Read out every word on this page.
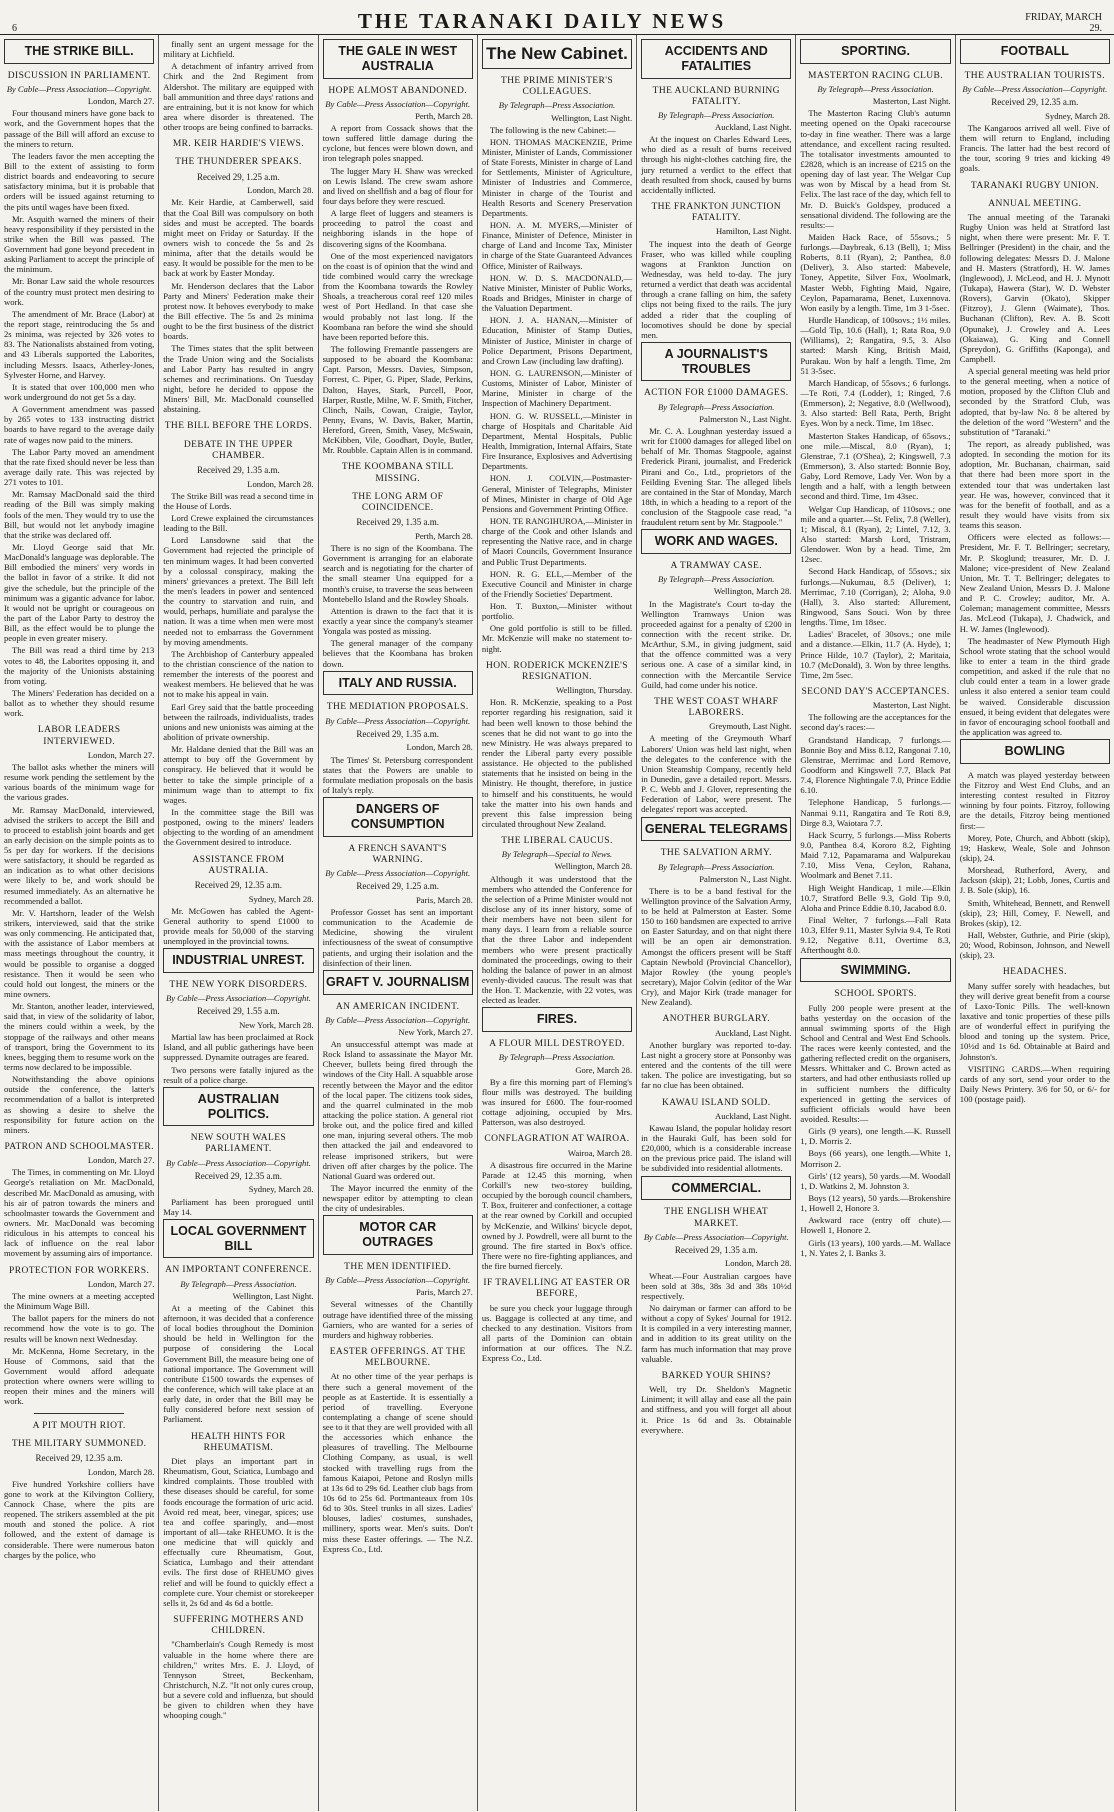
6	THE TARANAKI DAILY NEWS	FRIDAY, MARCH 29.
THE STRIKE BILL.
DISCUSSION IN PARLIAMENT.
By Cable—Press Association—Copyright.
London, March 27.

Four thousand miners have gone back to work, and the Government hopes that the passage of the Bill will afford an excuse to the miners to return.

The leaders favor the men accepting the Bill to the extent of assisting to form district boards and endeavoring to secure satisfactory minima, but it is probable that orders will be issued against returning to the pits until wages have been fixed.

Mr. Asquith warned the miners of their heavy responsibility if they persisted in the strike when the Bill was passed. The Government had gone beyond precedent in asking Parliament to accept the principle of the minimum.

Mr. Bonar Law said the whole resources of the country must protect men desiring to work.

The amendment of Mr. Brace (Labor) at the report stage, reintroducing the 5s and 2s minima, was rejected by 326 votes to 83. The Nationalists abstained from voting, and 43 Liberals supported the Laborites, including Messrs. Isaacs, Atherley-Jones, Sylvester Horne, and Harvey.

It is stated that over 100,000 men who work underground do not get 5s a day.

A Government amendment was passed by 265 votes to 133 instructing district boards to have regard to the average daily rate of wages now paid to the miners.

The Labor Party moved an amendment that the rate fixed should never be less than average daily rate. This was rejected by 271 votes to 101.

Mr. Ramsay MacDonald said the third reading of the Bill was simply making fools of the men. They would try to use the Bill, but would not let anybody imagine that the strike was declared off.

Mr. Lloyd George said that Mr. MacDonald's language was deplorable. The Bill embodied the miners' very words in the ballot in favor of a strike. It did not give the schedule, but the principle of the minimum was a gigantic advance for labor. It would not be upright or courageous on the part of the Labor Party to destroy the Bill, as the effect would be to plunge the people in even greater misery.

The Bill was read a third time by 213 votes to 48, the Laborites opposing it, and the majority of the Unionists abstaining from voting.

The Miners' Federation has decided on a ballot as to whether they should resume work.

LABOR LEADERS INTERVIEWED.
London, March 27.

The ballot asks whether the miners will resume work pending the settlement by the various boards of the minimum wage for the various grades.

Mr. Ramsay MacDonald, interviewed, advised the strikers to accept the Bill and to proceed to establish joint boards and get an early decision on the simple points as to 5s per day for workers. If the decisions were satisfactory, it should be regarded as an indication as to what other decisions were likely to be, and work should be resumed immediately. As an alternative he recommended a ballot.

Mr. V. Hartshorn, leader of the Welsh strikers, interviewed, said that the strike was only commencing. He anticipated that, with the assistance of Labor members at mass meetings throughout the country, it would be possible to organise a dogged resistance. Then it would be seen who could hold out longest, the miners or the mine owners.

Mr. Stanton, another leader, interviewed, said that, in view of the solidarity of labor, the miners could within a week, by the stoppage of the railways and other means of transport, bring the Government to its knees, begging them to resume work on the terms now declared to be impossible.

Notwithstanding the above opinions outside the conference, the latter's recommendation of a ballot is interpreted as showing a desire to shelve the responsibility for future action on the miners.

PATRON AND SCHOOLMASTER.
London, March 27.

The Times, in commenting on Mr. Lloyd George's retaliation on Mr. MacDonald, described Mr. MacDonald as amusing, with his air of patron towards the miners and schoolmaster towards the Government and owners. Mr. MacDonald was becoming ridiculous in his attempts to conceal his lack of influence on the real labor movement by assuming airs of importance.

PROTECTION FOR WORKERS.
London, March 27.

The mine owners at a meeting accepted the Minimum Wage Bill.

The ballot papers for the miners do not recommend how the vote is to go. The results will be known next Wednesday.

Mr. McKenna, Home Secretary, in the House of Commons, said that the Government would afford adequate protection where owners were willing to reopen their mines and the miners will work.

A PIT MOUTH RIOT.
THE MILITARY SUMMONED.
Received 29, 12.35 a.m.
London, March 28.

Five hundred Yorkshire colliers have gone to work at the Kilvington Colliery, Cannock Chase, where the pits are reopened. The strikers assembled at the pit mouth and stoned the police. A riot followed, and the extent of damage is considerable. There were numerous baton charges by the police, who

finally sent an urgent message for the military at Lichfield.

A detachment of infantry arrived from Chirk and the 2nd Regiment from Aldershot. The military are equipped with ball ammunition and three days' rations and are entraining, but it is not know for which area where disorder is threatened. The other troops are being confined to barracks.

MR. KEIR HARDIE'S VIEWS.
THE THUNDERER SPEAKS.
Received 29, 1.25 a.m.
London, March 28.

Mr. Keir Hardie, at Camberwell, said that the Coal Bill was compulsory on both sides and must be accepted. The boards might meet on Friday or Saturday. If the owners wish to concede the 5s and 2s minima, after that the details would be easy. It would be possible for the men to be back at work by Easter Monday.

Mr. Henderson declares that the Labor Party and Miners' Federation make their protest now. It behoves everybody to make the Bill effective. The 5s and 2s minima ought to be the first business of the district boards.

The Times states that the split between the Trade Union wing and the Socialists and Labor Party has resulted in angry schemes and recriminations. On Tuesday night, before he decided to oppose the Miners' Bill, Mr. MacDonald counselled abstaining.

THE BILL BEFORE THE LORDS.
DEBATE IN THE UPPER CHAMBER.
Received 29, 1.35 a.m.
London, March 28.

The Strike Bill was read a second time in the House of Lords.

Lord Crewe explained the circumstances leading to the Bill.

Lord Lansdowne said that the Government had rejected the principle of ten minimum wages. It had been converted by a colossal conspiracy, making the miners' grievances a pretext. The Bill left the men's leaders in power and sentenced the country to starvation and ruin, and would, perhaps, humiliate and paralyse the nation. It was a time when men were most needed not to embarrass the Government by moving amendments.

The Archbishop of Canterbury appealed to the christian conscience of the nation to remember the interests of the poorest and weakest members. He believed that he was not to make his appeal in vain.

Earl Grey said that the battle proceeding between the railroads, individualists, trades unions and new unionists was aiming at the abolition of private ownership.

Mr. Haldane denied that the Bill was an attempt to buy off the Government by conspiracy. He believed that it would be better to take the simple principle of a minimum wage than to attempt to fix wages.

In the committee stage the Bill was postponed, owing to the miners' leaders objecting to the wording of an amendment the Government desired to introduce.

ASSISTANCE FROM AUSTRALIA.
Received 29, 12.35 a.m.
Sydney, March 28.

Mr. McGowen has cabled the Agent-General authority to spend £1000 to provide meals for 50,000 of the starving unemployed in the provincial towns.

INDUSTRIAL UNREST.
THE NEW YORK DISORDERS.
By Cable—Press Association—Copyright.
Received 29, 1.55 a.m.
New York, March 28.

Martial law has been proclaimed at Rock Island, and all public gatherings have been suppressed. Dynamite outrages are feared.

Two persons were fatally injured as the result of a police charge.

AUSTRALIAN POLITICS.
NEW SOUTH WALES PARLIAMENT.
By Cable—Press Association—Copyright.
Received 29, 12.35 a.m.
Sydney, March 28.

Parliament has been prorogued until May 14.

LOCAL GOVERNMENT BILL
AN IMPORTANT CONFERENCE.
By Telegraph—Press Association.
Wellington, Last Night.

At a meeting of the Cabinet this afternoon, it was decided that a conference of local bodies throughout the Dominion should be held in Wellington for the purpose of considering the Local Government Bill, the measure being one of national importance. The Government will contribute £1500 towards the expenses of the conference, which will take place at an early date, in order that the Bill may be fully considered before next session of Parliament.

HEALTH HINTS FOR RHEUMATISM.

Diet plays an important part in Rheumatism, Gout, Sciatica, Lumbago and kindred complaints. Those troubled with these diseases should be careful, for some foods encourage the formation of uric acid. Avoid red meat, beer, vinegar, spices; use tea and coffee sparingly, and—most important of all—take RHEUMO. It is the one medicine that will quickly and effectually cure Rheumatism, Gout, Sciatica, Lumbago and their attendant evils. The first dose of RHEUMO gives relief and will be found to quickly effect a complete cure. Your chemist or storekeeper sells it, 2s 6d and 4s 6d a bottle.

SUFFERING MOTHERS AND CHILDREN.

"Chamberlain's Cough Remedy is most valuable in the home where there are children," writes Mrs. E. J. Lloyd, of Tennyson Street, Beckenham, Christchurch, N.Z. "It not only cures croup, but a severe cold and influenza, but should be given to children when they have whooping cough."

THE GALE IN WEST AUSTRALIA
HOPE ALMOST ABANDONED.
By Cable—Press Association—Copyright.
Perth, March 28.

A report from Cossack shows that the town suffered little damage during the cyclone, but fences were blown down, and iron telegraph poles snapped.

The lugger Mary H. Shaw was wrecked on Lewis Island. The crew swam ashore and lived on shellfish and a bag of flour for four days before they were rescued.

A large fleet of luggers and steamers is proceeding to patrol the coast and neighboring islands in the hope of discovering signs of the Koombana.

One of the most experienced navigators on the coast is of opinion that the wind and tide combined would carry the wreckage from the Koombana towards the Rowley Shoals, a treacherous coral reef 120 miles west of Port Hedland. In that case she would probably not last long. If the Koombana ran before the wind she should have been reported before this.

The following Fremantle passengers are supposed to be aboard the Koombana: Capt. Parson, Messrs. Davies, Simpson, Forrest, C. Piper, G. Piper, Slade, Perkins, Dalton, Hayes, Stark, Purcell, Poor, Harper, Rustle, Milne, W. F. Smith, Fitcher, Clinch, Nails, Cowan, Craigie, Taylor, Penny, Evans, W. Davis, Baker, Martin, Hereford, Green, Smith, Vasey, McSwain, McKibben, Vile, Goodhart, Doyle, Butler, Mr. Roubble. Captain Allen is in command.

THE KOOMBANA STILL MISSING.
THE LONG ARM OF COINCIDENCE.
Received 29, 1.35 a.m.
Perth, March 28.

There is no sign of the Koombana. The Government is arranging for an elaborate search and is negotiating for the charter of the small steamer Una equipped for a month's cruise, to traverse the seas between Montebello Island and the Rowley Shoals.

Attention is drawn to the fact that it is exactly a year since the company's steamer Yongala was posted as missing.

The general manager of the company believes that the Koombana has broken down.

ITALY AND RUSSIA.
THE MEDIATION PROPOSALS.
By Cable—Press Association—Copyright.
Received 29, 1.35 a.m.
London, March 28.

The Times' St. Petersburg correspondent states that the Powers are unable to formulate mediation proposals on the basis of Italy's reply.

DANGERS OF CONSUMPTION
A FRENCH SAVANT'S WARNING.
By Cable—Press Association—Copyright.
Received 29, 1.25 a.m.
Paris, March 28.

Professor Gosset has sent an important communication to the Academie de Medicine, showing the virulent infectiousness of the sweat of consumptive patients, and urging their isolation and the disinfection of their linen.

GRAFT V. JOURNALISM
AN AMERICAN INCIDENT.
By Cable—Press Association—Copyright.
New York, March 27.

An unsuccessful attempt was made at Rock Island to assassinate the Mayor Mr. Cheever, bullets being fired through the windows of the City Hall. A squabble arose recently between the Mayor and the editor of the local paper. The citizens took sides, and the quarrel culminated in the mob attacking the police station. A general riot broke out, and the police fired and killed one man, injuring several others. The mob then attacked the jail and endeavored to release imprisoned strikers, but were driven off after charges by the police. The National Guard was ordered out.

The Mayor incurred the enmity of the newspaper editor by attempting to clean the city of undesirables.

MOTOR CAR OUTRAGES
THE MEN IDENTIFIED.
By Cable—Press Association—Copyright.
Paris, March 27.

Several witnesses of the Chantilly outrage have identified three of the missing Garniers, who are wanted for a series of murders and highway robberies.

EASTER OFFERINGS. AT THE MELBOURNE.

At no other time of the year perhaps is there such a general movement of the people as at Eastertide. It is essentially a period of travelling. Everyone contemplating a change of scene should see to it that they are well provided with all the accessories which enhance the pleasures of travelling. The Melbourne Clothing Company, as usual, is well stocked with travelling rugs from the famous Kaiapoi, Petone and Roslyn mills at 13s 6d to 29s 6d. Leather club bags from 10s 6d to 25s 6d. Portmanteaux from 10s 6d to 30s. Steel trunks in all sizes. Ladies' blouses, ladies' costumes, sunshades, millinery, sports wear. Men's suits. Don't miss these Easter offerings. — The N.Z. Express Co., Ltd.

The New Cabinet.
THE PRIME MINISTER'S COLLEAGUES.
By Telegraph—Press Association.
Wellington, Last Night.

The following is the new Cabinet:—

HON. THOMAS MACKENZIE, Prime Minister, Minister of Lands, Commissioner of State Forests, Minister in charge of Land for Settlements, Minister of Agriculture, Minister of Industries and Commerce, Minister in charge of the Tourist and Health Resorts and Scenery Preservation Departments.

HON. A. M. MYERS,—Minister of Finance, Minister of Defence, Minister in charge of Land and Income Tax, Minister in charge of the State Guaranteed Advances Office, Minister of Railways.

HON. W. D. S. MACDONALD,—Native Minister, Minister of Public Works, Roads and Bridges, Minister in charge of the Valuation Department.

HON. J. A. HANAN,—Minister of Education, Minister of Stamp Duties, Minister of Justice, Minister in charge of Police Department, Prisons Department, and Crown Law (including law drafting).

HON. G. LAURENSON,—Minister of Customs, Minister of Labor, Minister of Marine, Minister in charge of the Inspection of Machinery Department.

HON. G. W. RUSSELL,—Minister in charge of Hospitals and Charitable Aid Department, Mental Hospitals, Public Health, Immigration, Internal Affairs, State Fire Insurance, Explosives and Advertising Departments.

HON. J. COLVIN,—Postmaster-General, Minister of Telegraphs, Minister of Mines, Minister in charge of Old Age Pensions and Government Printing Office.

HON. TE RANGIHUROA,—Minister in charge of the Cook and other Islands and representing the Native race, and in charge of Maori Councils, Government Insurance and Public Trust Departments.

HON. R. G. ELL,—Member of the Executive Council and Minister in charge of the Friendly Societies' Department.

Hon. T. Buxton,—Minister without portfolio.

One gold portfolio is still to be filled. Mr. McKenzie will make no statement to-night.

HON. RODERICK MCKENZIE'S RESIGNATION.
Wellington, Thursday.

Hon. R. McKenzie, speaking to a Post reporter regarding his resignation, said it had been well known to those behind the scenes that he did not want to go into the new Ministry. He was always prepared to render the Liberal party every possible assistance. He objected to the published statements that he insisted on being in the Ministry. He thought, therefore, in justice to himself and his constituents, he would take the matter into his own hands and prevent this false impression being circulated throughout New Zealand.

THE LIBERAL CAUCUS.
By Telegraph—Special to News.
Wellington, March 28.

Although it was understood that the members who attended the Conference for the selection of a Prime Minister would not disclose any of its inner history, some of their members have not been silent for many days. I learn from a reliable source that the three Labor and independent members who were present practically dominated the proceedings, owing to their holding the balance of power in an almost evenly-divided caucus. The result was that the Hon. T. Mackenzie, with 22 votes, was elected as leader.

FIRES.
A FLOUR MILL DESTROYED.
By Telegraph—Press Association.
Gore, March 28.

By a fire this morning part of Fleming's flour mills was destroyed. The building was insured for £600. The four-roomed cottage adjoining, occupied by Mrs. Patterson, was also destroyed.

CONFLAGRATION AT WAIROA.
Wairoa, March 28.

A disastrous fire occurred in the Marine Parade at 12.45 this morning, when Corkill's new two-storey building, occupied by the borough council chambers, T. Box, fruiterer and confectioner, a cottage at the rear owned by Corkill and occupied by McKenzie, and Wilkins' bicycle depot, owned by J. Powdrell, were all burnt to the ground. The fire started in Box's office. There were no fire-fighting appliances, and the fire burned fiercely.

IF TRAVELLING AT EASTER OR BEFORE,

be sure you check your luggage through us. Baggage is collected at any time, and checked to any destination. Visitors from all parts of the Dominion can obtain information at our offices. The N.Z. Express Co., Ltd.

ACCIDENTS AND FATALITIES
THE AUCKLAND BURNING FATALITY.
By Telegraph—Press Association.
Auckland, Last Night.

At the inquest on Charles Edward Lees, who died as a result of burns received through his night-clothes catching fire, the jury returned a verdict to the effect that death resulted from shock, caused by burns accidentally inflicted.

THE FRANKTON JUNCTION FATALITY.
Hamilton, Last Night.

The inquest into the death of George Fraser, who was killed while coupling wagons at Frankton Junction on Wednesday, was held to-day. The jury returned a verdict that death was accidental through a crane falling on him, the safety clips not being fixed to the rails. The jury added a rider that the coupling of locomotives should be done by special men.

A JOURNALIST'S TROUBLES
ACTION FOR £1000 DAMAGES.
By Telegraph—Press Association.
Palmerston N., Last Night.

Mr. C. A. Loughnan yesterday issued a writ for £1000 damages for alleged libel on behalf of Mr. Thomas Stagpoole, against Frederick Pirani, journalist, and Frederick Pirani and Co., Ltd., proprietors of the Feilding Evening Star. The alleged libels are contained in the Star of Monday, March 18th, in which a heading to a report of the conclusion of the Stagpoole case read, "a fraudulent return sent by Mr. Stagpoole."

WORK AND WAGES.
A TRAMWAY CASE.
By Telegraph—Press Association.
Wellington, March 28.

In the Magistrate's Court to-day the Wellington Tramways Union was proceeded against for a penalty of £200 in connection with the recent strike. Dr. McArthur, S.M., in giving judgment, said that the offence committed was a very serious one. A case of a similar kind, in connection with the Mercantile Service Guild, had come under his notice.

THE WEST COAST WHARF LABORERS.
Greymouth, Last Night.

A meeting of the Greymouth Wharf Laborers' Union was held last night, when the delegates to the conference with the Union Steamship Company, recently held in Dunedin, gave a detailed report. Messrs. P. C. Webb and J. Glover, representing the Federation of Labor, were present. The delegates' report was accepted.

GENERAL TELEGRAMS
THE SALVATION ARMY.
By Telegraph—Press Association.
Palmerston N., Last Night.

There is to be a band festival for the Wellington province of the Salvation Army, to be held at Palmerston at Easter. Some 150 to 160 bandsmen are expected to arrive on Easter Saturday, and on that night there will be an open air demonstration. Amongst the officers present will be Staff Captain Newbold (Provincial Chancellor), Major Rowley (the young people's secretary), Major Colvin (editor of the War Cry), and Major Kirk (trade manager for New Zealand).

ANOTHER BURGLARY.
Auckland, Last Night.

Another burglary was reported to-day. Last night a grocery store at Ponsonby was entered and the contents of the till were taken. The police are investigating, but so far no clue has been obtained.

KAWAU ISLAND SOLD.
Auckland, Last Night.

Kawau Island, the popular holiday resort in the Hauraki Gulf, has been sold for £20,000, which is a considerable increase on the previous price paid. The island will be subdivided into residential allotments.

COMMERCIAL.
THE ENGLISH WHEAT MARKET.
By Cable—Press Association—Copyright.
Received 29, 1.35 a.m.
London, March 28.

Wheat.—Four Australian cargoes have been sold at 38s, 38s 3d and 38s 10½d respectively.

No dairyman or farmer can afford to be without a copy of Sykes' Journal for 1912. It is compiled in a very interesting manner, and in addition to its great utility on the farm has much information that may prove valuable.

BARKED YOUR SHINS?

Well, try Dr. Sheldon's Magnetic Liniment; it will allay and ease all the pain and stiffness, and you will forget all about it. Price 1s 6d and 3s. Obtainable everywhere.

SPORTING.
MASTERTON RACING CLUB.
By Telegraph—Press Association.
Masterton, Last Night.

The Masterton Racing Club's autumn meeting opened on the Opaki racecourse to-day in fine weather. There was a large attendance, and excellent racing resulted. The totalisator investments amounted to £2828, which is an increase of £215 on the opening day of last year. The Welgar Cup was won by Miscal by a head from St. Felix. The last race of the day, which fell to Mr. D. Buick's Goldspey, produced a sensational dividend. The following are the results:—

Maiden Hack Race, of 55sovs.; 5 furlongs.—Daybreak, 6.13 (Bell), 1; Miss Roberts, 8.11 (Ryan), 2; Panthea, 8.0 (Deliver), 3. Also started: Mabevele, Toney, Appetite, Silver Fox, Woolmark, Master Webb, Fighting Maid, Ngaire, Ceylon, Papamarama, Benet, Luxennova. Won easily by a length. Time, 1m 3 1-5sec.

Hurdle Handicap, of 100sovs.; 1½ miles.—Gold Tip, 10.6 (Hall), 1; Rata Roa, 9.0 (Williams), 2; Rangatira, 9.5, 3. Also started: Marsh King, British Maid, Purakau. Won by half a length. Time, 2m 51 3-5sec.

March Handicap, of 55sovs.; 6 furlongs.—Te Roti, 7.4 (Lodder), 1; Ringed, 7.6 (Emmerson), 2; Negative, 8.0 (Wellwood), 3. Also started: Bell Rata, Perth, Bright Eyes. Won by a neck. Time, 1m 18sec.

Masterton Stakes Handicap, of 65sovs.; one mile.—Miscal, 8.0 (Ryan), 1; Glenstrae, 7.1 (O'Shea), 2; Kingswell, 7.3 (Emmerson), 3. Also started: Bonnie Boy, Gaby, Lord Remove, Lady Ver. Won by a length and a half, with a length between second and third. Time, 1m 43sec.

Welgar Cup Handicap, of 110sovs.; one mile and a quarter.—St. Felix, 7.8 (Weller), 1; Miscal, 8.1 (Ryan), 2; Lintel, 7.12, 3. Also started: Marsh Lord, Tristram, Glendower. Won by a head. Time, 2m 12sec.

Second Hack Handicap, of 55sovs.; six furlongs.—Nukumau, 8.5 (Deliver), 1; Merrimac, 7.10 (Corrigan), 2; Aloha, 9.0 (Hall), 3. Also started: Allurement, Ringwood, Sans Souci. Won by three lengths. Time, 1m 18sec.

Ladies' Bracelet, of 30sovs.; one mile and a distance.—Elkin, 11.7 (A. Hyde), 1; Prince Hilde, 10.7 (Taylor), 2; Maritaia, 10.7 (McDonald), 3. Won by three lengths. Time, 2m 5sec.

SECOND DAY'S ACCEPTANCES.
Masterton, Last Night.

The following are the acceptances for the second day's races:—

Grandstand Handicap, 7 furlongs.—Bonnie Boy and Miss 8.12, Rangonai 7.10, Glenstrae, Merrimac and Lord Remove, Goodform and Kingswell 7.7, Black Pat 7.4, Florence Nightingale 7.0, Prince Eddie 6.10.

Telephone Handicap, 5 furlongs.—Nanmai 9.11, Rangatira and Te Roti 8.9, Dirge 8.3, Waiotara 7.7.

Hack Scurry, 5 furlongs.—Miss Roberts 9.0, Panthea 8.4, Kororo 8.2, Fighting Maid 7.12, Papamarama and Walpurekau 7.10, Miss Vena, Ceylon, Rahana, Woolmark and Benet 7.11.

High Weight Handicap, 1 mile.—Elkin 10.7, Stratford Belle 9.3, Gold Tip 9.0, Aloha and Prince Eddie 8.10, Jacabod 8.0.

Final Welter, 7 furlongs.—Fall Rata 10.3, Elfer 9.11, Master Sylvia 9.4, Te Roti 9.12, Negative 8.11, Overtime 8.3, Afterthought 8.0.

SWIMMING.
SCHOOL SPORTS.

Fully 200 people were present at the baths yesterday on the occasion of the annual swimming sports of the High School and Central and West End Schools. The races were keenly contested, and the gathering reflected credit on the organisers, Messrs. Whittaker and C. Brown acted as starters, and had other enthusiasts rolled up in sufficient numbers the difficulty experienced in getting the services of sufficient officials would have been avoided. Results:—

Girls (9 years), one length.—K. Russell 1, D. Morris 2.

Boys (66 years), one length.—White 1, Morrison 2.

Girls' (12 years), 50 yards.—M. Woodall 1, D. Watkins 2, M. Johnston 3.

Boys (12 years), 50 yards.—Brokenshire 1, Howell 2, Honore 3.

Awkward race (entry off chute).—Howell 1, Honore 2.

Girls (13 years), 100 yards.—M. Wallace 1, N. Yates 2, I. Banks 3.

FOOTBALL
THE AUSTRALIAN TOURISTS.
By Cable—Press Association—Copyright.
Received 29, 12.35 a.m.
Sydney, March 28.

The Kangaroos arrived all well. Five of them will return to England, including Francis. The latter had the best record of the tour, scoring 9 tries and kicking 49 goals.

TARANAKI RUGBY UNION.
ANNUAL MEETING.

The annual meeting of the Taranaki Rugby Union was held at Stratford last night, when there were present: Mr. F. T. Bellringer (President) in the chair, and the following delegates: Messrs D. J. Malone and H. Masters (Stratford), H. W. James (Inglewood), J. McLeod, and H. J. Mynott (Tukapa), Hawera (Star), W. D. Webster (Rovers), Garvin (Okato), Skipper (Fitzroy), J. Glenn (Waimate), Thos. Buchanan (Clifton), Rev. A. B. Scott (Opunake), J. Crowley and A. Lees (Okaiawa), G. King and Connell (Spreydon), G. Griffiths (Kaponga), and Campbell.

A special general meeting was held prior to the general meeting, when a notice of motion, proposed by the Clifton Club and seconded by the Stratford Club, was adopted, that by-law No. 8 be altered by the deletion of the word "Western" and the substitution of "Taranaki."

The report, as already published, was adopted. In seconding the motion for its adoption, Mr. Buchanan, chairman, said that there had been more sport in the extended tour that was undertaken last year. He was, however, convinced that it was for the benefit of football, and as a result they would have visits from six teams this season.

Officers were elected as follows:—President, Mr. F. T. Bellringer; secretary, Mr. P. Skoglund; treasurer, Mr. D. J. Malone; vice-president of New Zealand Union, Mr. T. T. Bellringer; delegates to New Zealand Union, Messrs D. J. Malone and P. C. Crowley; auditor, Mr. A. Coleman; management committee, Messrs Jas. McLeod (Tukapa), J. Chadwick, and H. W. James (Inglewood).

The headmaster of New Plymouth High School wrote stating that the school would like to enter a team in the third grade competition, and asked if the rule that no club could enter a team in a lower grade unless it also entered a senior team could be waived. Considerable discussion ensued, it being evident that delegates were in favor of encouraging school football and the application was agreed to.

BOWLING

A match was played yesterday between the Fitzroy and West End Clubs, and an interesting contest resulted in Fitzroy winning by four points. Fitzroy, following are the details, Fitzroy being mentioned first:—

Morey, Pote, Church, and Abbott (skip), 19; Haskew, Weale, Sole and Johnson (skip), 24.

Morshead, Rutherford, Avery, and Jackson (skip), 21; Lobb, Jones, Curtis and J. B. Sole (skip), 16.

Smith, Whitehead, Bennett, and Renwell (skip), 23; Hill, Comey, F. Newell, and Brokes (skip), 12.

Hall, Webster, Guthrie, and Pirie (skip), 20; Wood, Robinson, Johnson, and Newell (skip), 23.

HEADACHES.

Many suffer sorely with headaches, but they will derive great benefit from a course of Laxo-Tonic Pills. The well-known laxative and tonic properties of these pills are of wonderful effect in purifying the blood and toning up the system. Price, 10½d and 1s 6d. Obtainable at Baird and Johnston's.

VISITING CARDS.—When requiring cards of any sort, send your order to the Daily News Printery. 3/6 for 50, or 6/- for 100 (postage paid).
